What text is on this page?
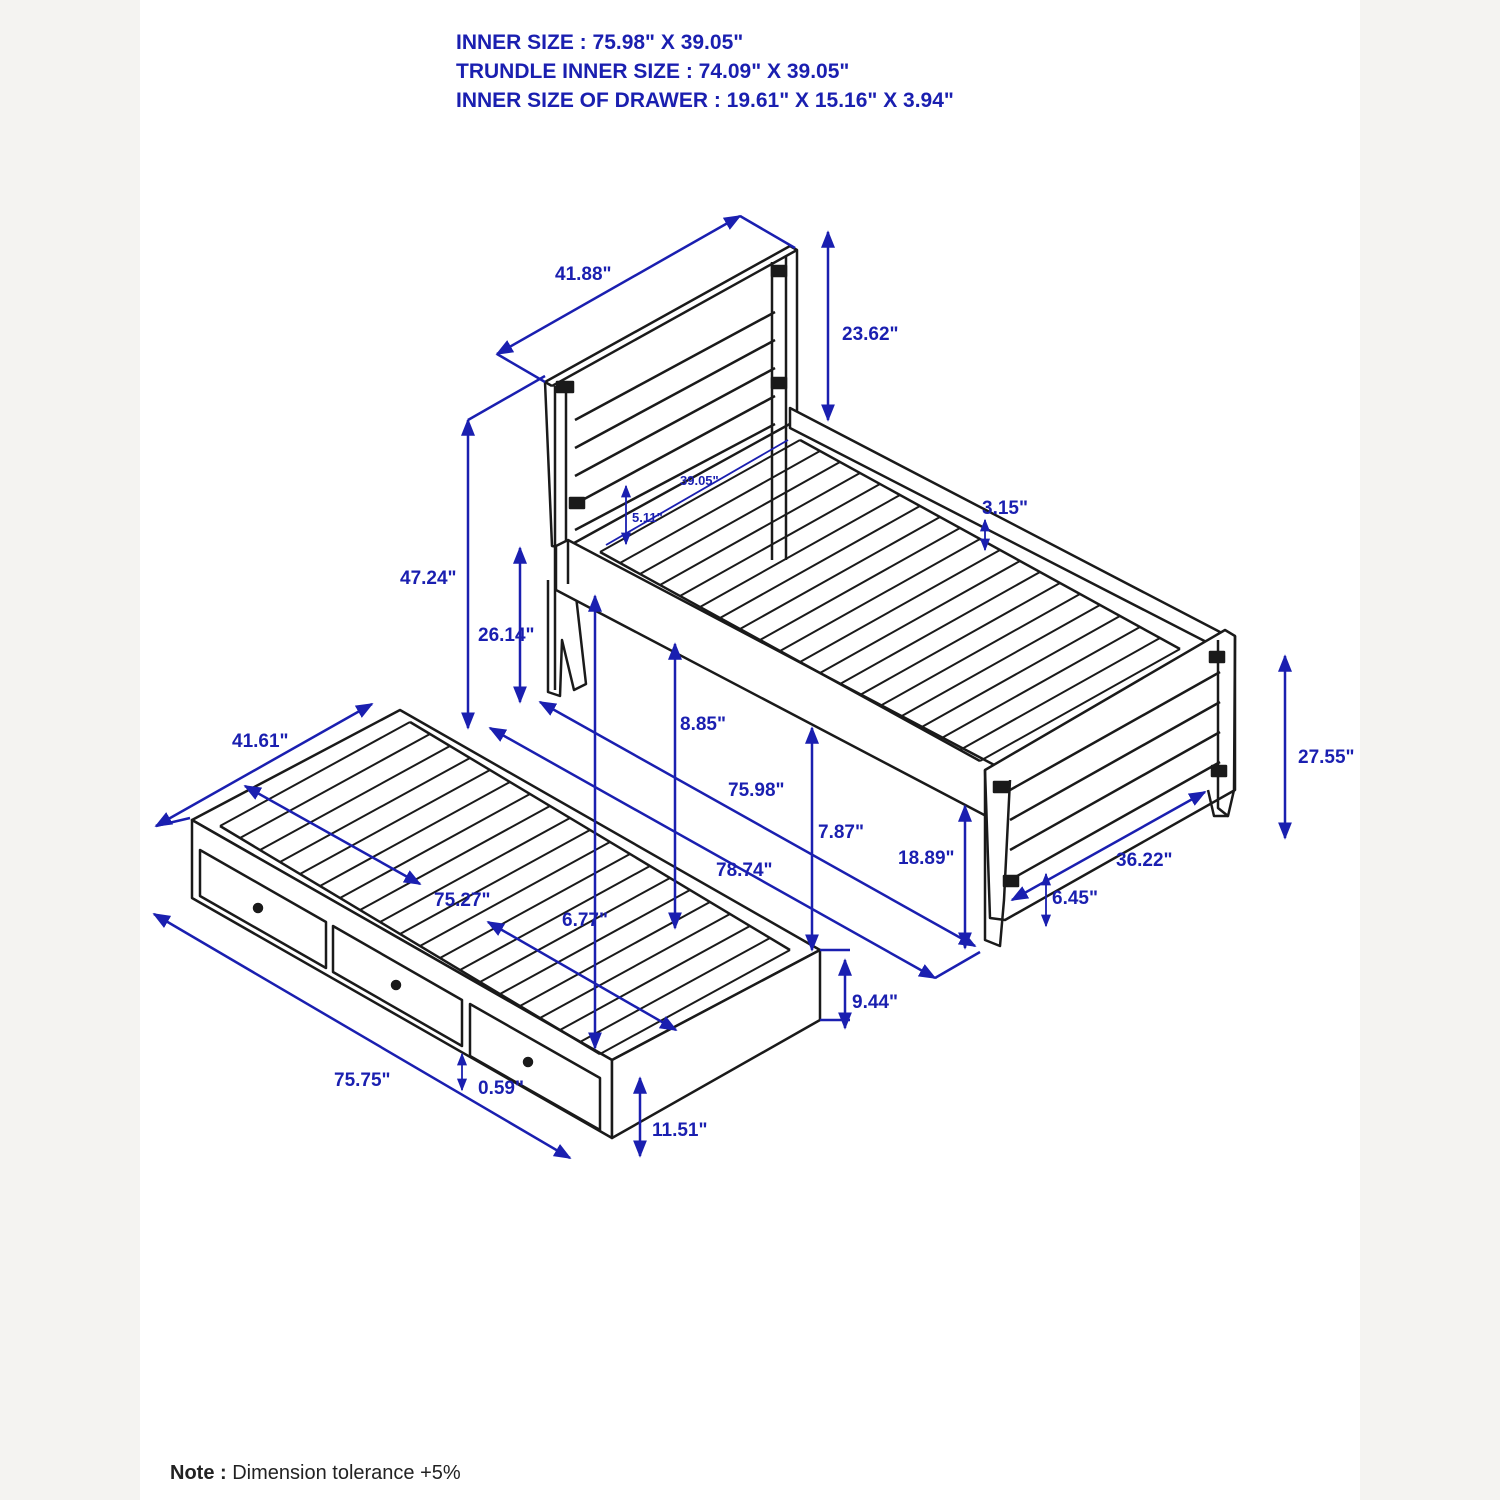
INNER SIZE : 75.98" X 39.05"
TRUNDLE INNER SIZE : 74.09" X 39.05"
INNER SIZE OF DRAWER : 19.61" X 15.16" X 3.94"
41.88"
23.62"
39.05"
5.11"	3.15"
47.24"
26.14"
8.85"
27.55"
75.98"
78.74"
7.87"
18.89"	36.22"
6.45"
41.61"
75.27"
6.77"
9.44"
75.75"	0.59"
11.51"
Note : Dimension tolerance +5%
